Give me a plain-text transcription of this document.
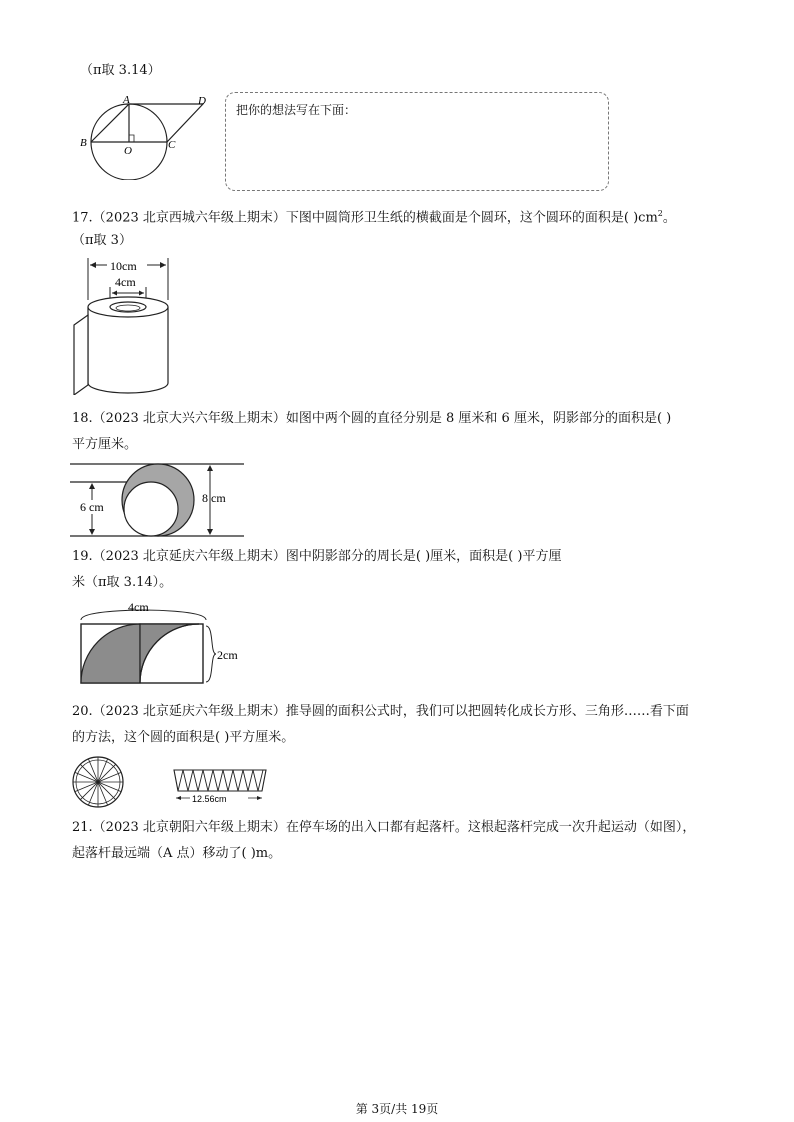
（π取 3.14）
A	D
B
O	C
把你的想法写在下面：
17.（2023 北京西城六年级上期末）下图中圆筒形卫生纸的横截面是个圆环，这个圆环的面积是( )$cm^2$。
（π取 3）
10cm
4cm
18.（2023 北京大兴六年级上期末）如图中两个圆的直径分别是 8 厘米和 6 厘米，阴影部分的面积是( )
平方厘米。
6 cm
8 cm
19.（2023 北京延庆六年级上期末）图中阴影部分的周长是( )厘米，面积是( )平方厘
米（π取 3.14）。
4cm
2cm
20.（2023 北京延庆六年级上期末）推导圆的面积公式时，我们可以把圆转化成长方形、三角形……看下面
的方法，这个圆的面积是( )平方厘米。
12.56cm
21.（2023 北京朝阳六年级上期末）在停车场的出入口都有起落杆。这根起落杆完成一次升起运动（如图），
起落杆最远端（A 点）移动了( )m。
第 3页/共 19页
